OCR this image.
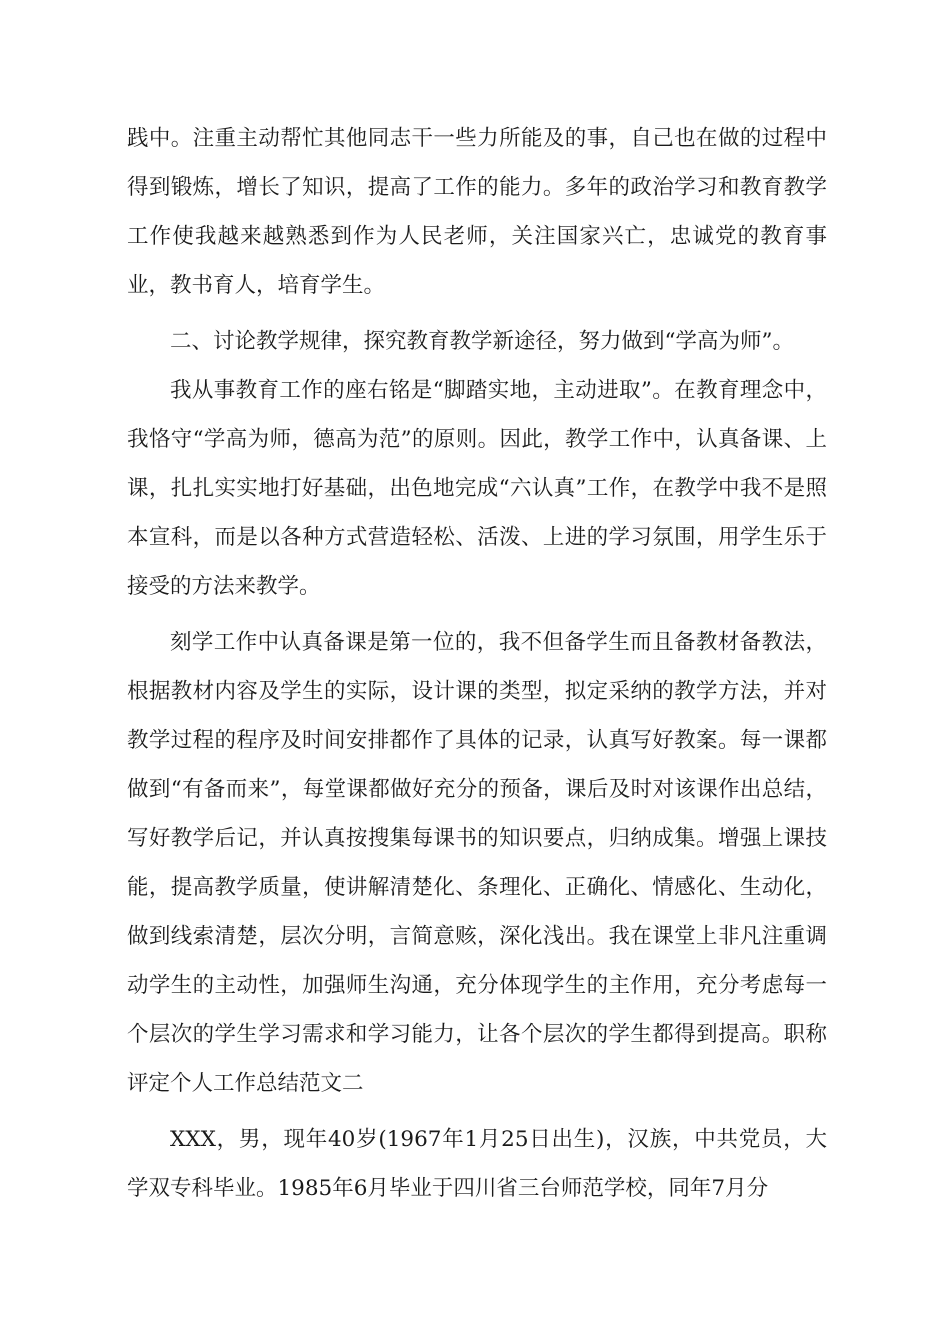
践中。注重主动帮忙其他同志干一些力所能及的事，自己也在做的过程中得到锻炼，增长了知识，提高了工作的能力。多年的政治学习和教育教学工作使我越来越熟悉到作为人民老师，关注国家兴亡，忠诚党的教育事业，教书育人，培育学生。

二、讨论教学规律，探究教育教学新途径，努力做到“学高为师”。

我从事教育工作的座右铭是“脚踏实地，主动进取”。在教育理念中，我恪守“学高为师，德高为范”的原则。因此，教学工作中，认真备课、上课，扎扎实实地打好基础，出色地完成“六认真”工作，在教学中我不是照本宣科，而是以各种方式营造轻松、活泼、上进的学习氛围，用学生乐于接受的方法来教学。

刻学工作中认真备课是第一位的，我不但备学生而且备教材备教法，根据教材内容及学生的实际，设计课的类型，拟定采纳的教学方法，并对教学过程的程序及时间安排都作了具体的记录，认真写好教案。每一课都做到“有备而来”，每堂课都做好充分的预备，课后及时对该课作出总结，写好教学后记，并认真按搜集每课书的知识要点，归纳成集。增强上课技能，提高教学质量，使讲解清楚化、条理化、正确化、情感化、生动化，做到线索清楚，层次分明，言简意赅，深化浅出。我在课堂上非凡注重调动学生的主动性，加强师生沟通，充分体现学生的主作用，充分考虑每一个层次的学生学习需求和学习能力，让各个层次的学生都得到提高。职称评定个人工作总结范文二

XXX，男，现年40岁(1967年1月25日出生)，汉族，中共党员，大学双专科毕业。1985年6月毕业于四川省三台师范学校，同年7月分
